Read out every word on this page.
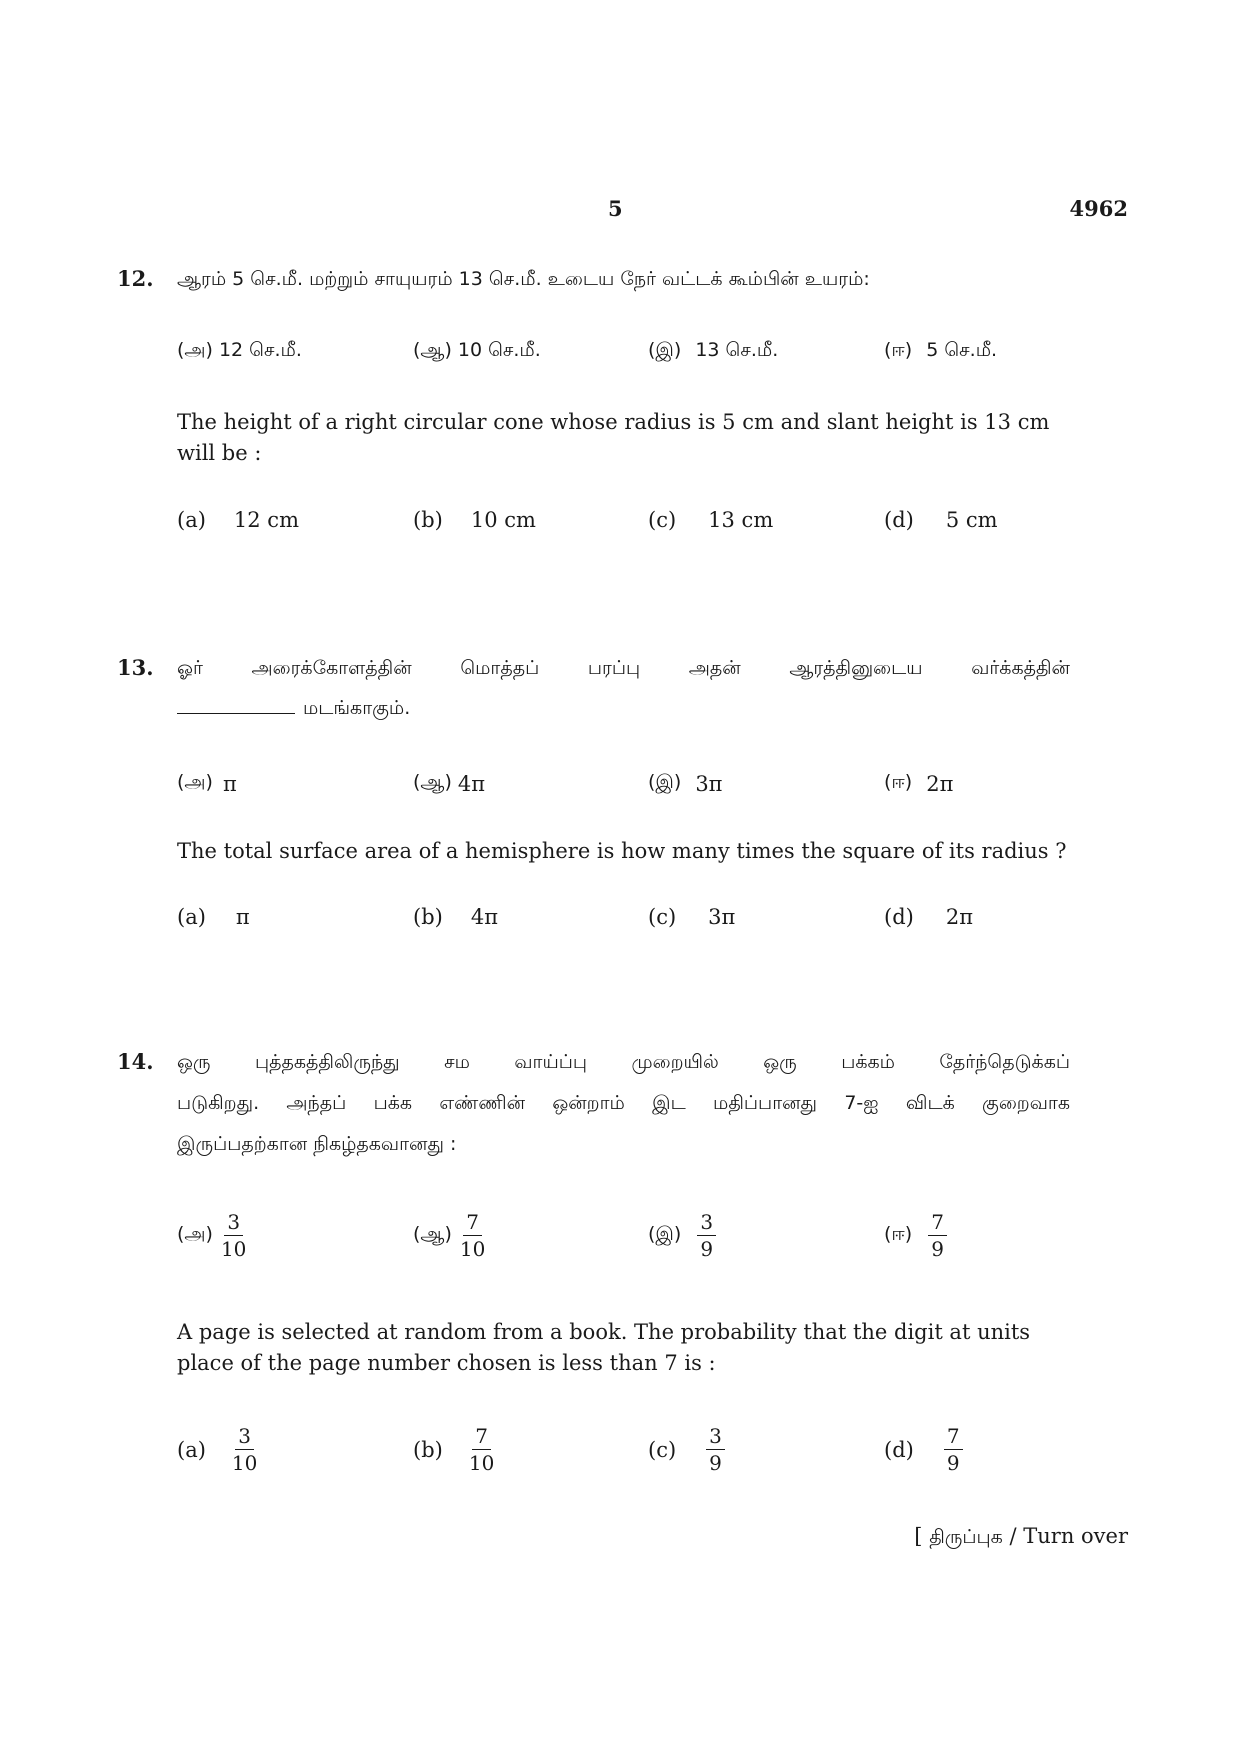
5	4962
12. ஆரம் 5 செ.மீ. மற்றும் சாயுயரம் 13 செ.மீ. உடைய நேர் வட்டக் கூம்பின் உயரம்:
(அ) 12 செ.மீ.	(ஆ) 10 செ.மீ.	(இ) 13 செ.மீ.	(ஈ) 5 செ.மீ.
The height of a right circular cone whose radius is 5 cm and slant height is 13 cm will be :
(a) 12 cm	(b) 10 cm	(c) 13 cm	(d) 5 cm
13. ஓர் அரைக்கோளத்தின் மொத்தப் பரப்பு அதன் ஆரத்தினுடைய வர்க்கத்தின்
மடங்காகும்.
(அ) π	(ஆ) 4π	(இ) 3π	(ஈ) 2π
The total surface area of a hemisphere is how many times the square of its radius ?
(a) π	(b) 4π	(c) 3π	(d) 2π
14. ஒரு புத்தகத்திலிருந்து சம வாய்ப்பு முறையில் ஒரு பக்கம் தேர்ந்தெடுக்கப்
படுகிறது. அந்தப் பக்க எண்ணின் ஒன்றாம் இட மதிப்பானது 7-ஐ விடக் குறைவாக
இருப்பதற்கான நிகழ்தகவானது :
(அ) $\frac{3}{10}$	(ஆ) $\frac{7}{10}$	(இ) $\frac{3}{9}$	(ஈ) $\frac{7}{9}$
A page is selected at random from a book. The probability that the digit at units place of the page number chosen is less than 7 is :
$(a) \frac{3}{10}$	$(b) \frac{7}{10}$	$(c) \frac{3}{9}$	$(d) \frac{7}{9}$
[ திருப்புக / Turn over
